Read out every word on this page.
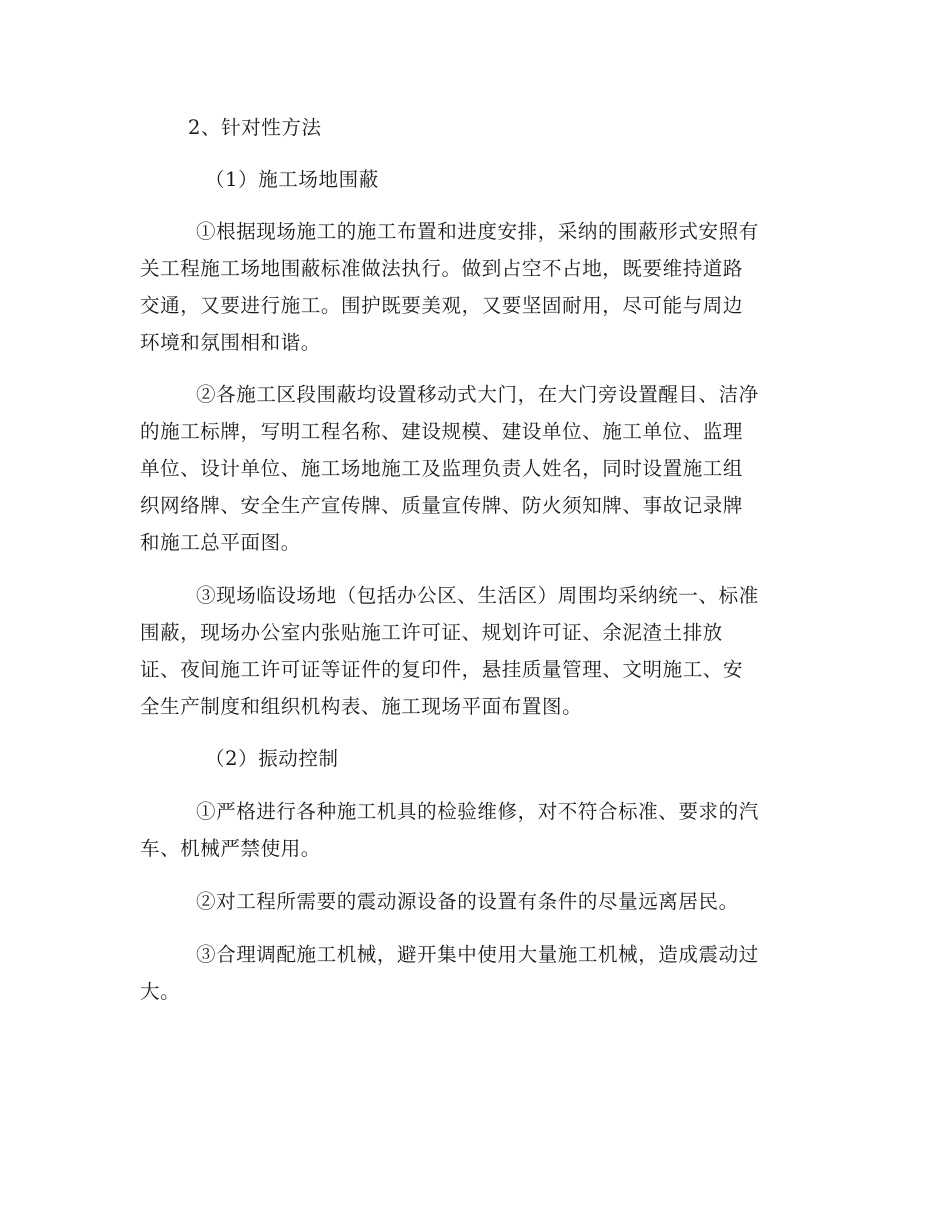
2、针对性方法
（1）施工场地围蔽
①根据现场施工的施工布置和进度安排，采纳的围蔽形式安照有
关工程施工场地围蔽标准做法执行。做到占空不占地，既要维持道路
交通，又要进行施工。围护既要美观，又要坚固耐用，尽可能与周边
环境和氛围相和谐。
②各施工区段围蔽均设置移动式大门，在大门旁设置醒目、洁净
的施工标牌，写明工程名称、建设规模、建设单位、施工单位、监理
单位、设计单位、施工场地施工及监理负责人姓名，同时设置施工组
织网络牌、安全生产宣传牌、质量宣传牌、防火须知牌、事故记录牌
和施工总平面图。
③现场临设场地（包括办公区、生活区）周围均采纳统一、标准
围蔽，现场办公室内张贴施工许可证、规划许可证、余泥渣土排放
证、夜间施工许可证等证件的复印件，悬挂质量管理、文明施工、安
全生产制度和组织机构表、施工现场平面布置图。
（2）振动控制
①严格进行各种施工机具的检验维修，对不符合标准、要求的汽
车、机械严禁使用。
②对工程所需要的震动源设备的设置有条件的尽量远离居民。
③合理调配施工机械，避开集中使用大量施工机械，造成震动过
大。
